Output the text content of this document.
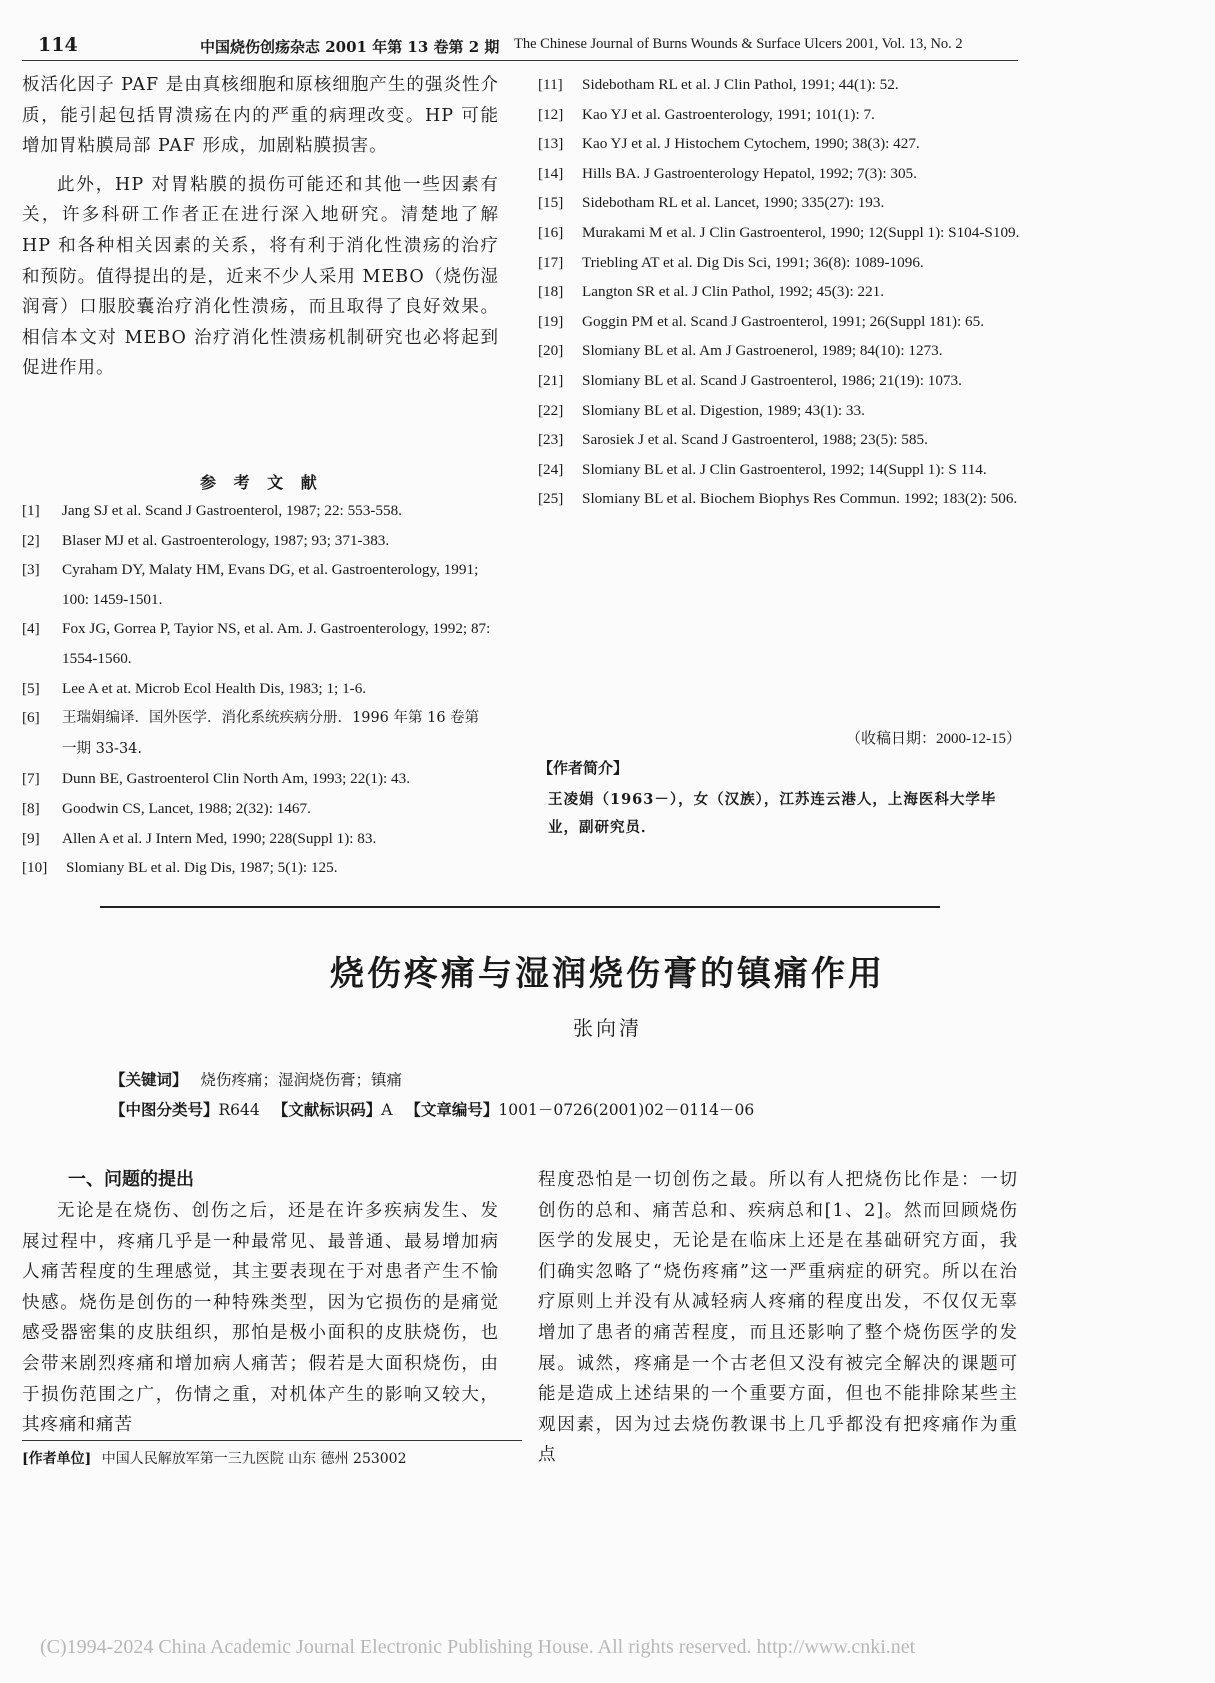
114	中国烧伤创疡杂志 2001 年第 13 卷第 2 期 The Chinese Journal of Burns Wounds & Surface Ulcers 2001, Vol. 13, No. 2

板活化因子 PAF 是由真核细胞和原核细胞产生的强炎性介质，能引起包括胃溃疡在内的严重的病理改变。HP 可能增加胃粘膜局部 PAF 形成，加剧粘膜损害。

此外，HP 对胃粘膜的损伤可能还和其他一些因素有关，许多科研工作者正在进行深入地研究。清楚地了解 HP 和各种相关因素的关系，将有利于消化性溃疡的治疗和预防。值得提出的是，近来不少人采用 MEBO（烧伤湿润膏）口服胶囊治疗消化性溃疡，而且取得了良好效果。相信本文对 MEBO 治疗消化性溃疡机制研究也必将起到促进作用。

参 考 文 献
[1] Jang SJ et al. Scand J Gastroenterol, 1987; 22: 553-558.
[2] Blaser MJ et al. Gastroenterology, 1987; 93; 371-383.
[3] Cyraham DY, Malaty HM, Evans DG, et al. Gastroenterology, 1991; 100: 1459-1501.
[4] Fox JG, Gorrea P, Tayior NS, et al. Am. J. Gastroenterology, 1992; 87: 1554-1560.
[5] Lee A et at. Microb Ecol Health Dis, 1983; 1; 1-6.
[6] 王瑞娟编译．国外医学．消化系统疾病分册．1996 年第 16 卷第一期 33-34.
[7] Dunn BE, Gastroenterol Clin North Am, 1993; 22(1): 43.
[8] Goodwin CS, Lancet, 1988; 2(32): 1467.
[9] Allen A et al. J Intern Med, 1990; 228(Suppl 1): 83.
[10] Slomiany BL et al. Dig Dis, 1987; 5(1): 125.
[11] Sidebotham RL et al. J Clin Pathol, 1991; 44(1): 52.
[12] Kao YJ et al. Gastroenterology, 1991; 101(1): 7.
[13] Kao YJ et al. J Histochem Cytochem, 1990; 38(3): 427.
[14] Hills BA. J Gastroenterology Hepatol, 1992; 7(3): 305.
[15] Sidebotham RL et al. Lancet, 1990; 335(27): 193.
[16] Murakami M et al. J Clin Gastroenterol, 1990; 12(Suppl 1): S104-S109.
[17] Triebling AT et al. Dig Dis Sci, 1991; 36(8): 1089-1096.
[18] Langton SR et al. J Clin Pathol, 1992; 45(3): 221.
[19] Goggin PM et al. Scand J Gastroenterol, 1991; 26(Suppl 181): 65.
[20] Slomiany BL et al. Am J Gastroenerol, 1989; 84(10): 1273.
[21] Slomiany BL et al. Scand J Gastroenterol, 1986; 21(19): 1073.
[22] Slomiany BL et al. Digestion, 1989; 43(1): 33.
[23] Sarosiek J et al. Scand J Gastroenterol, 1988; 23(5): 585.
[24] Slomiany BL et al. J Clin Gastroenterol, 1992; 14(Suppl 1): S 114.
[25] Slomiany BL et al. Biochem Biophys Res Commun. 1992; 183(2): 506.
（收稿日期：2000-12-15）
【作者简介】
王凌娟（1963－），女（汉族），江苏连云港人，上海医科大学毕业，副研究员．
烧伤疼痛与湿润烧伤膏的镇痛作用
张向清
【关键词】 烧伤疼痛；湿润烧伤膏；镇痛
【中图分类号】R644 【文献标识码】A 【文章编号】1001－0726(2001)02－0114－06
一、问题的提出

无论是在烧伤、创伤之后，还是在许多疾病发生、发展过程中，疼痛几乎是一种最常见、最普通、最易增加病人痛苦程度的生理感觉，其主要表现在于对患者产生不愉快感。烧伤是创伤的一种特殊类型，因为它损伤的是痛觉感受器密集的皮肤组织，那怕是极小面积的皮肤烧伤，也会带来剧烈疼痛和增加病人痛苦；假若是大面积烧伤，由于损伤范围之广，伤情之重，对机体产生的影响又较大，其疼痛和痛苦

程度恐怕是一切创伤之最。所以有人把烧伤比作是：一切创伤的总和、痛苦总和、疾病总和[1、2]。然而回顾烧伤医学的发展史，无论是在临床上还是在基础研究方面，我们确实忽略了“烧伤疼痛”这一严重病症的研究。所以在治疗原则上并没有从减轻病人疼痛的程度出发，不仅仅无辜增加了患者的痛苦程度，而且还影响了整个烧伤医学的发展。诚然，疼痛是一个古老但又没有被完全解决的课题可能是造成上述结果的一个重要方面，但也不能排除某些主观因素，因为过去烧伤教课书上几乎都没有把疼痛作为重点

[作者单位] 中国人民解放军第一三九医院 山东 德州 253002
(C)1994-2024 China Academic Journal Electronic Publishing House. All rights reserved. http://www.cnki.net
